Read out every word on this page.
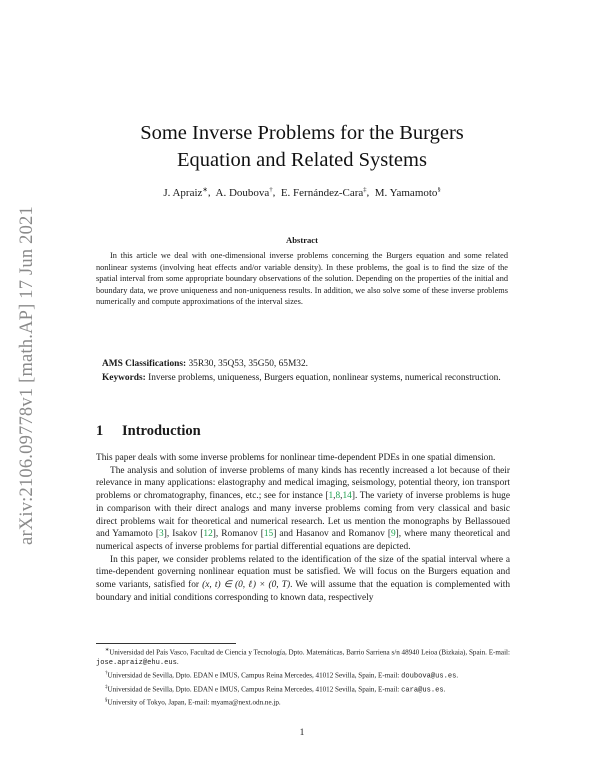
arXiv:2106.09778v1 [math.AP] 17 Jun 2021
Some Inverse Problems for the Burgers
Equation and Related Systems
J. Apraiz∗,  A. Doubova†,  E. Fernández-Cara‡,  M. Yamamoto§
Abstract

In this article we deal with one-dimensional inverse problems concerning the Burgers equation and some related nonlinear systems (involving heat effects and/or variable density). In these problems, the goal is to find the size of the spatial interval from some appropriate boundary observations of the solution. Depending on the properties of the initial and boundary data, we prove uniqueness and non-uniqueness results. In addition, we also solve some of these inverse problems numerically and compute approximations of the interval sizes.

AMS Classifications: 35R30, 35Q53, 35G50, 65M32.
Keywords: Inverse problems, uniqueness, Burgers equation, nonlinear systems, numerical reconstruction.
1 Introduction

This paper deals with some inverse problems for nonlinear time-dependent PDEs in one spatial dimension.

The analysis and solution of inverse problems of many kinds has recently increased a lot because of their relevance in many applications: elastography and medical imaging, seismology, potential theory, ion transport problems or chromatography, finances, etc.; see for instance [1,8,14]. The variety of inverse problems is huge in comparison with their direct analogs and many inverse problems coming from very classical and basic direct problems wait for theoretical and numerical research. Let us mention the monographs by Bellassoued and Yamamoto [3], Isakov [12], Romanov [15] and Hasanov and Romanov [9], where many theoretical and numerical aspects of inverse problems for partial differential equations are depicted.

In this paper, we consider problems related to the identification of the size of the spatial interval where a time-dependent governing nonlinear equation must be satisfied. We will focus on the Burgers equation and some variants, satisfied for (x, t) ∈ (0, ℓ) × (0, T). We will assume that the equation is complemented with boundary and initial conditions corresponding to known data, respectively

∗Universidad del País Vasco, Facultad de Ciencia y Tecnología, Dpto. Matemáticas, Barrio Sarriena s/n 48940 Leioa (Bizkaia), Spain. E-mail: jose.apraiz@ehu.eus.

†Universidad de Sevilla, Dpto. EDAN e IMUS, Campus Reina Mercedes, 41012 Sevilla, Spain, E-mail: doubova@us.es.

‡Universidad de Sevilla, Dpto. EDAN e IMUS, Campus Reina Mercedes, 41012 Sevilla, Spain, E-mail: cara@us.es.

§University of Tokyo, Japan, E-mail: myama@next.odn.ne.jp.

1
